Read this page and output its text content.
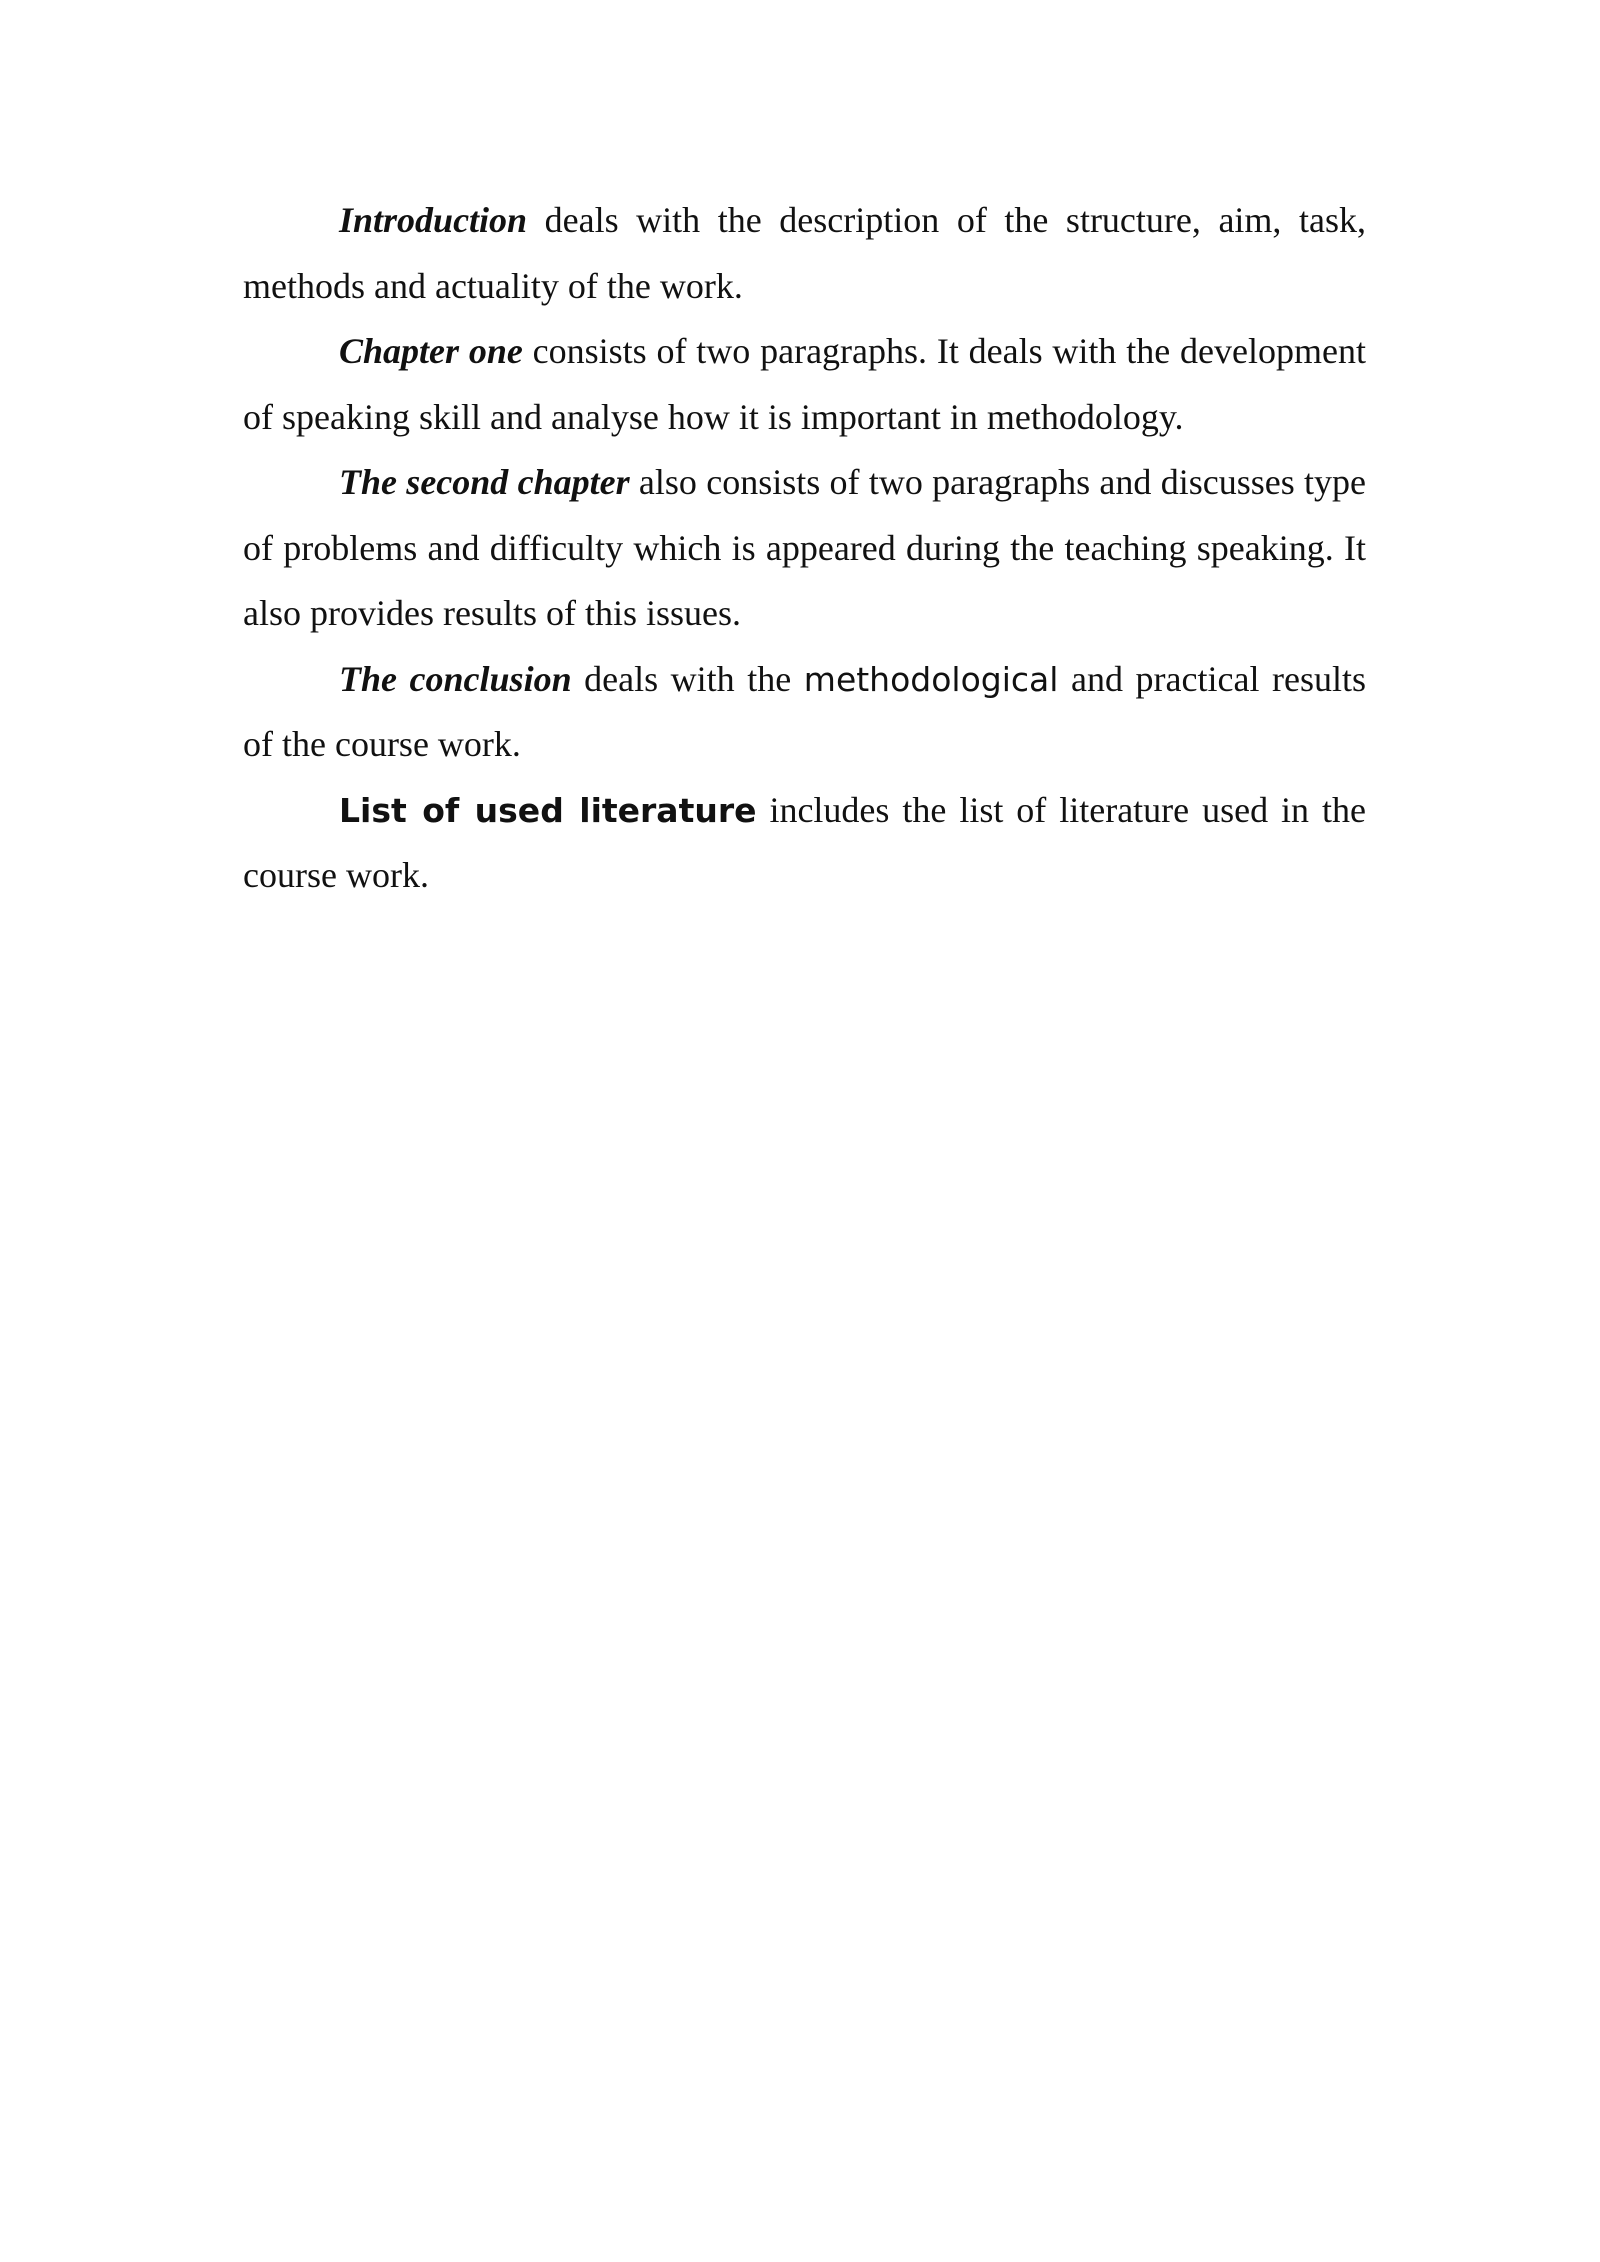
Introduction deals with the description of the structure, aim, task, methods and actuality of the work.

Chapter one consists of two paragraphs. It deals with the development of speaking skill and analyse how it is important in methodology.

The second chapter also consists of two paragraphs and discusses type of problems and difficulty which is appeared during the teaching speaking. It also provides results of this issues.

The conclusion deals with the methodological and practical results of the course work.

List of used literature includes the list of literature used in the course work.
